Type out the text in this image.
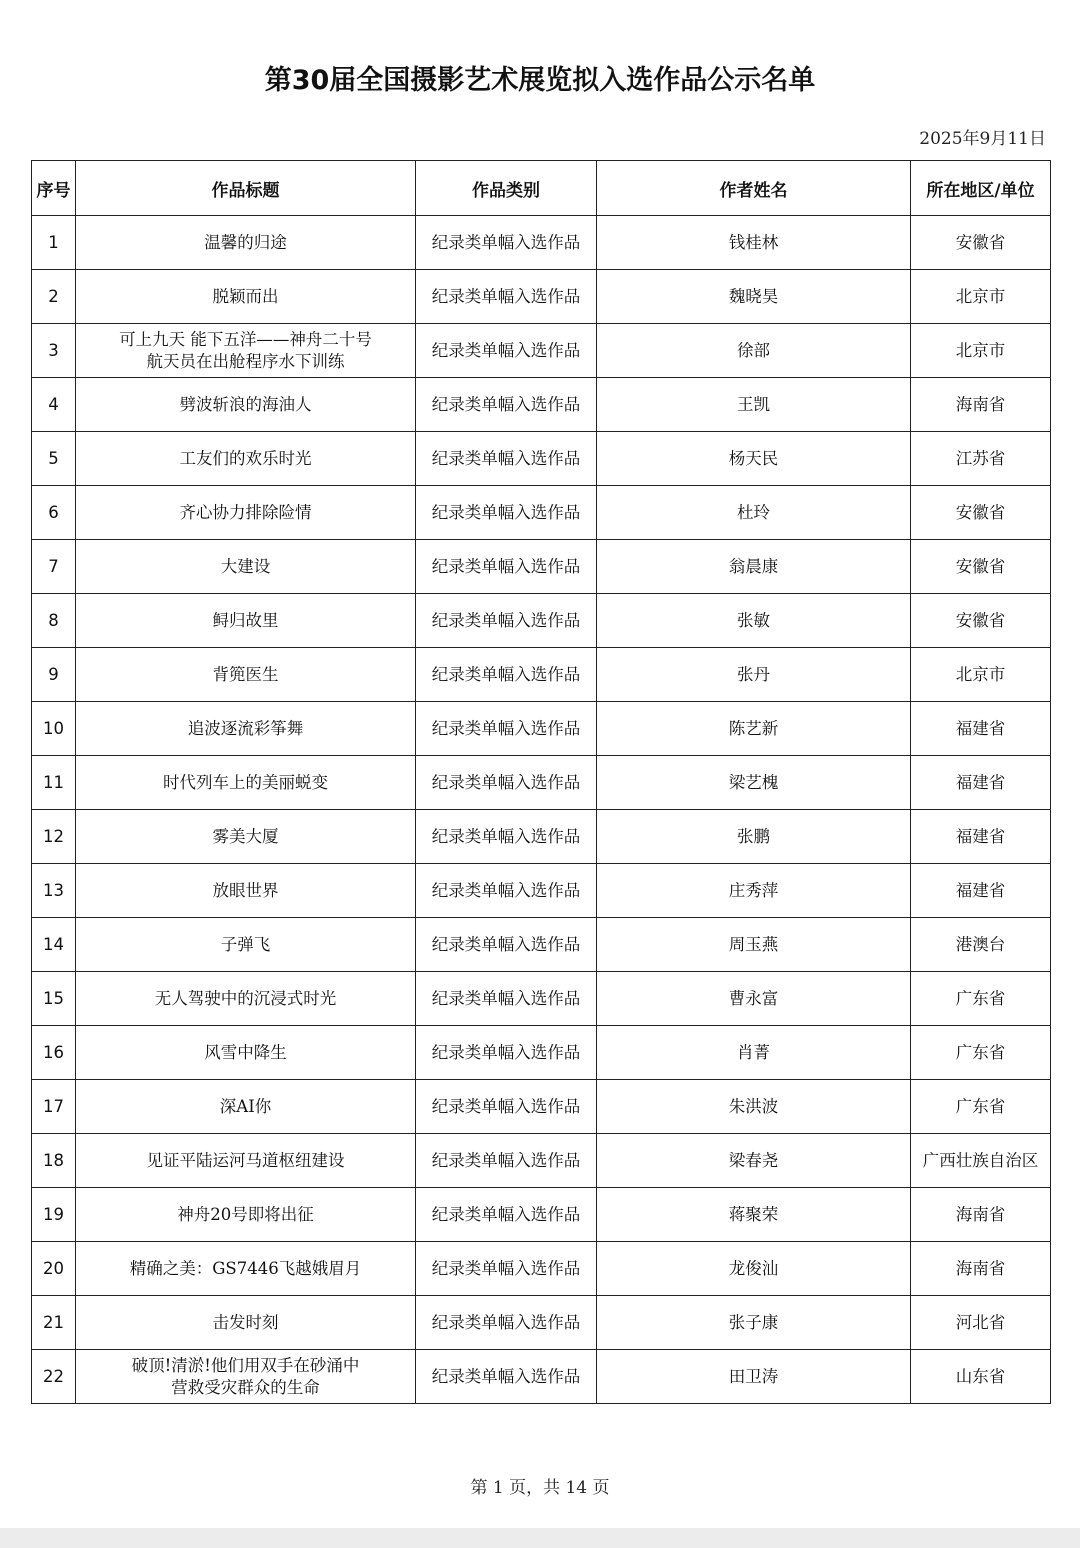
第30届全国摄影艺术展览拟入选作品公示名单
2025年9月11日
序号	作品标题	作品类别	作者姓名	所在地区/单位
1	温馨的归途	纪录类单幅入选作品	钱桂林	安徽省
2	脱颖而出	纪录类单幅入选作品	魏晓昊	北京市
3	可上九天 能下五洋——神舟二十号
航天员在出舱程序水下训练	纪录类单幅入选作品	徐部	北京市
4	劈波斩浪的海油人	纪录类单幅入选作品	王凯	海南省
5	工友们的欢乐时光	纪录类单幅入选作品	杨天民	江苏省
6	齐心协力排除险情	纪录类单幅入选作品	杜玲	安徽省
7	大建设	纪录类单幅入选作品	翁晨康	安徽省
8	鲟归故里	纪录类单幅入选作品	张敏	安徽省
9	背篼医生	纪录类单幅入选作品	张丹	北京市
10	追波逐流彩筝舞	纪录类单幅入选作品	陈艺新	福建省
11	时代列车上的美丽蜕变	纪录类单幅入选作品	梁艺槐	福建省
12	雾美大厦	纪录类单幅入选作品	张鹏	福建省
13	放眼世界	纪录类单幅入选作品	庄秀萍	福建省
14	子弹飞	纪录类单幅入选作品	周玉燕	港澳台
15	无人驾驶中的沉浸式时光	纪录类单幅入选作品	曹永富	广东省
16	风雪中降生	纪录类单幅入选作品	肖菁	广东省
17	深AI你	纪录类单幅入选作品	朱洪波	广东省
18	见证平陆运河马道枢纽建设	纪录类单幅入选作品	梁春尧	广西壮族自治区
19	神舟20号即将出征	纪录类单幅入选作品	蒋聚荣	海南省
20	精确之美：GS7446飞越娥眉月	纪录类单幅入选作品	龙俊汕	海南省
21	击发时刻	纪录类单幅入选作品	张子康	河北省
22	破顶!清淤!他们用双手在砂涌中
营救受灾群众的生命	纪录类单幅入选作品	田卫涛	山东省
第 1 页，共 14 页
